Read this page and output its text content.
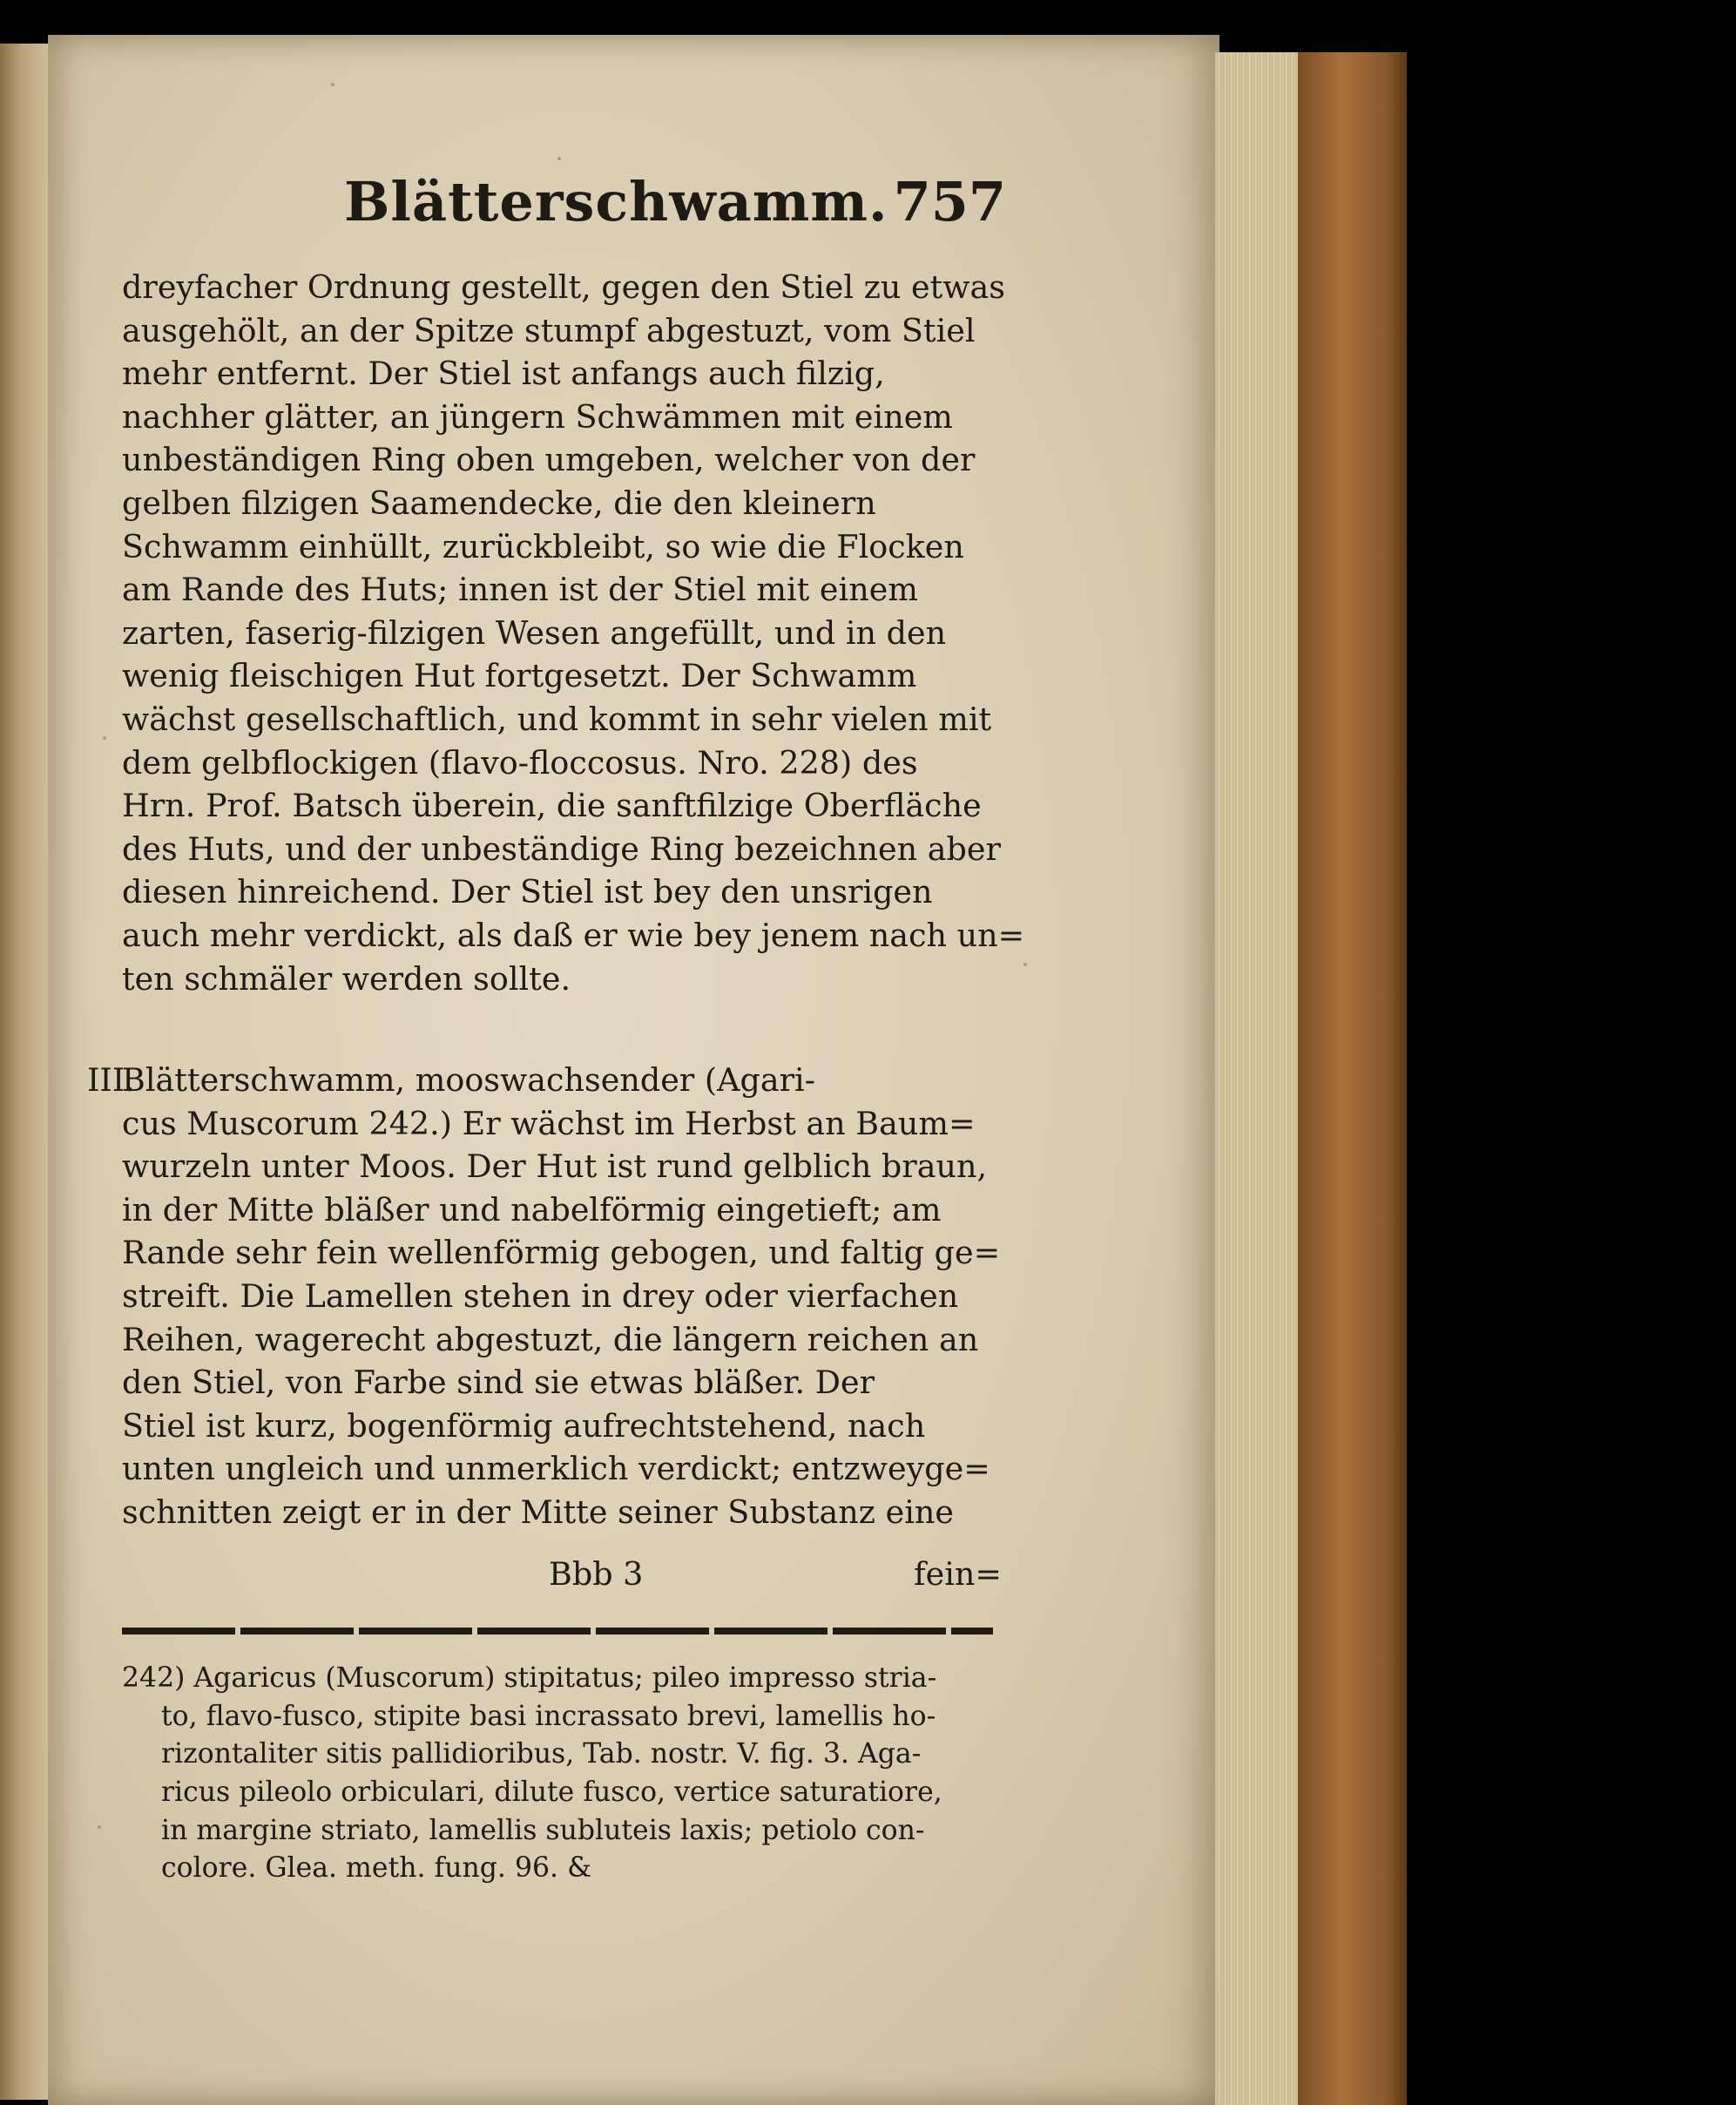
Blätterschwamm. 757
dreyfacher Ordnung gestellt, gegen den Stiel zu etwas
ausgehölt, an der Spitze stumpf abgestuzt, vom Stiel
mehr entfernt. Der Stiel ist anfangs auch filzig,
nachher glätter, an jüngern Schwämmen mit einem
unbeständigen Ring oben umgeben, welcher von der
gelben filzigen Saamendecke, die den kleinern
Schwamm einhüllt, zurückbleibt, so wie die Flocken
am Rande des Huts; innen ist der Stiel mit einem
zarten, faserig-filzigen Wesen angefüllt, und in den
wenig fleischigen Hut fortgesetzt. Der Schwamm
wächst gesellschaftlich, und kommt in sehr vielen mit
dem gelbflockigen (flavo-floccosus. Nro. 228) des
Hrn. Prof. Batsch überein, die sanftfilzige Oberfläche
des Huts, und der unbeständige Ring bezeichnen aber
diesen hinreichend. Der Stiel ist bey den unsrigen
auch mehr verdickt, als daß er wie bey jenem nach un=
ten schmäler werden sollte.
III.
Blätterschwamm, mooswachsender (Agari-
cus Muscorum 242.) Er wächst im Herbst an Baum=
wurzeln unter Moos. Der Hut ist rund gelblich braun,
in der Mitte bläßer und nabelförmig eingetieft; am
Rande sehr fein wellenförmig gebogen, und faltig ge=
streift. Die Lamellen stehen in drey oder vierfachen
Reihen, wagerecht abgestuzt, die längern reichen an
den Stiel, von Farbe sind sie etwas bläßer. Der
Stiel ist kurz, bogenförmig aufrechtstehend, nach
unten ungleich und unmerklich verdickt; entzweyge=
schnitten zeigt er in der Mitte seiner Substanz eine
Bbb 3	fein=
242) Agaricus (Muscorum) stipitatus; pileo impresso stria-
to, flavo-fusco, stipite basi incrassato brevi, lamellis ho-
rizontaliter sitis pallidioribus, Tab. nostr. V. fig. 3. Aga-
ricus pileolo orbiculari, dilute fusco, vertice saturatiore,
in margine striato, lamellis subluteis laxis; petiolo con-
colore. Glea. meth. fung. 96. &
